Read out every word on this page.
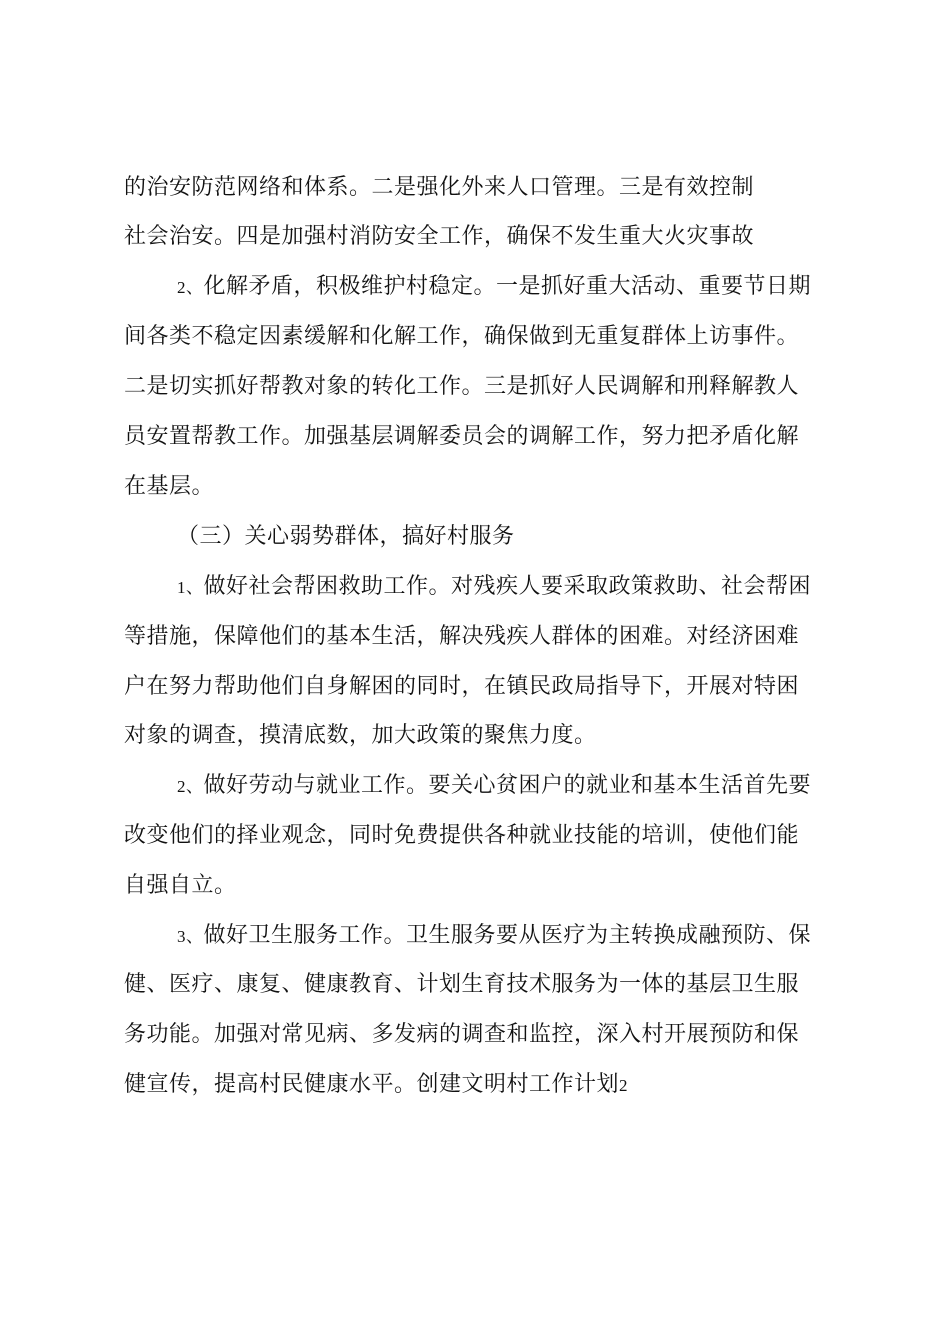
的治安防范网络和体系。二是强化外来人口管理。三是有效控制
社会治安。四是加强村消防安全工作，确保不发生重大火灾事故
2、化解矛盾，积极维护村稳定。一是抓好重大活动、重要节日期
间各类不稳定因素缓解和化解工作，确保做到无重复群体上访事件。
二是切实抓好帮教对象的转化工作。三是抓好人民调解和刑释解教人
员安置帮教工作。加强基层调解委员会的调解工作，努力把矛盾化解
在基层。
（三）关心弱势群体，搞好村服务
1、做好社会帮困救助工作。对残疾人要采取政策救助、社会帮困
等措施，保障他们的基本生活，解决残疾人群体的困难。对经济困难
户在努力帮助他们自身解困的同时，在镇民政局指导下，开展对特困
对象的调查，摸清底数，加大政策的聚焦力度。
2、做好劳动与就业工作。要关心贫困户的就业和基本生活首先要
改变他们的择业观念，同时免费提供各种就业技能的培训，使他们能
自强自立。
3、做好卫生服务工作。卫生服务要从医疗为主转换成融预防、保
健、医疗、康复、健康教育、计划生育技术服务为一体的基层卫生服
务功能。加强对常见病、多发病的调查和监控，深入村开展预防和保
健宣传，提高村民健康水平。创建文明村工作计划2
